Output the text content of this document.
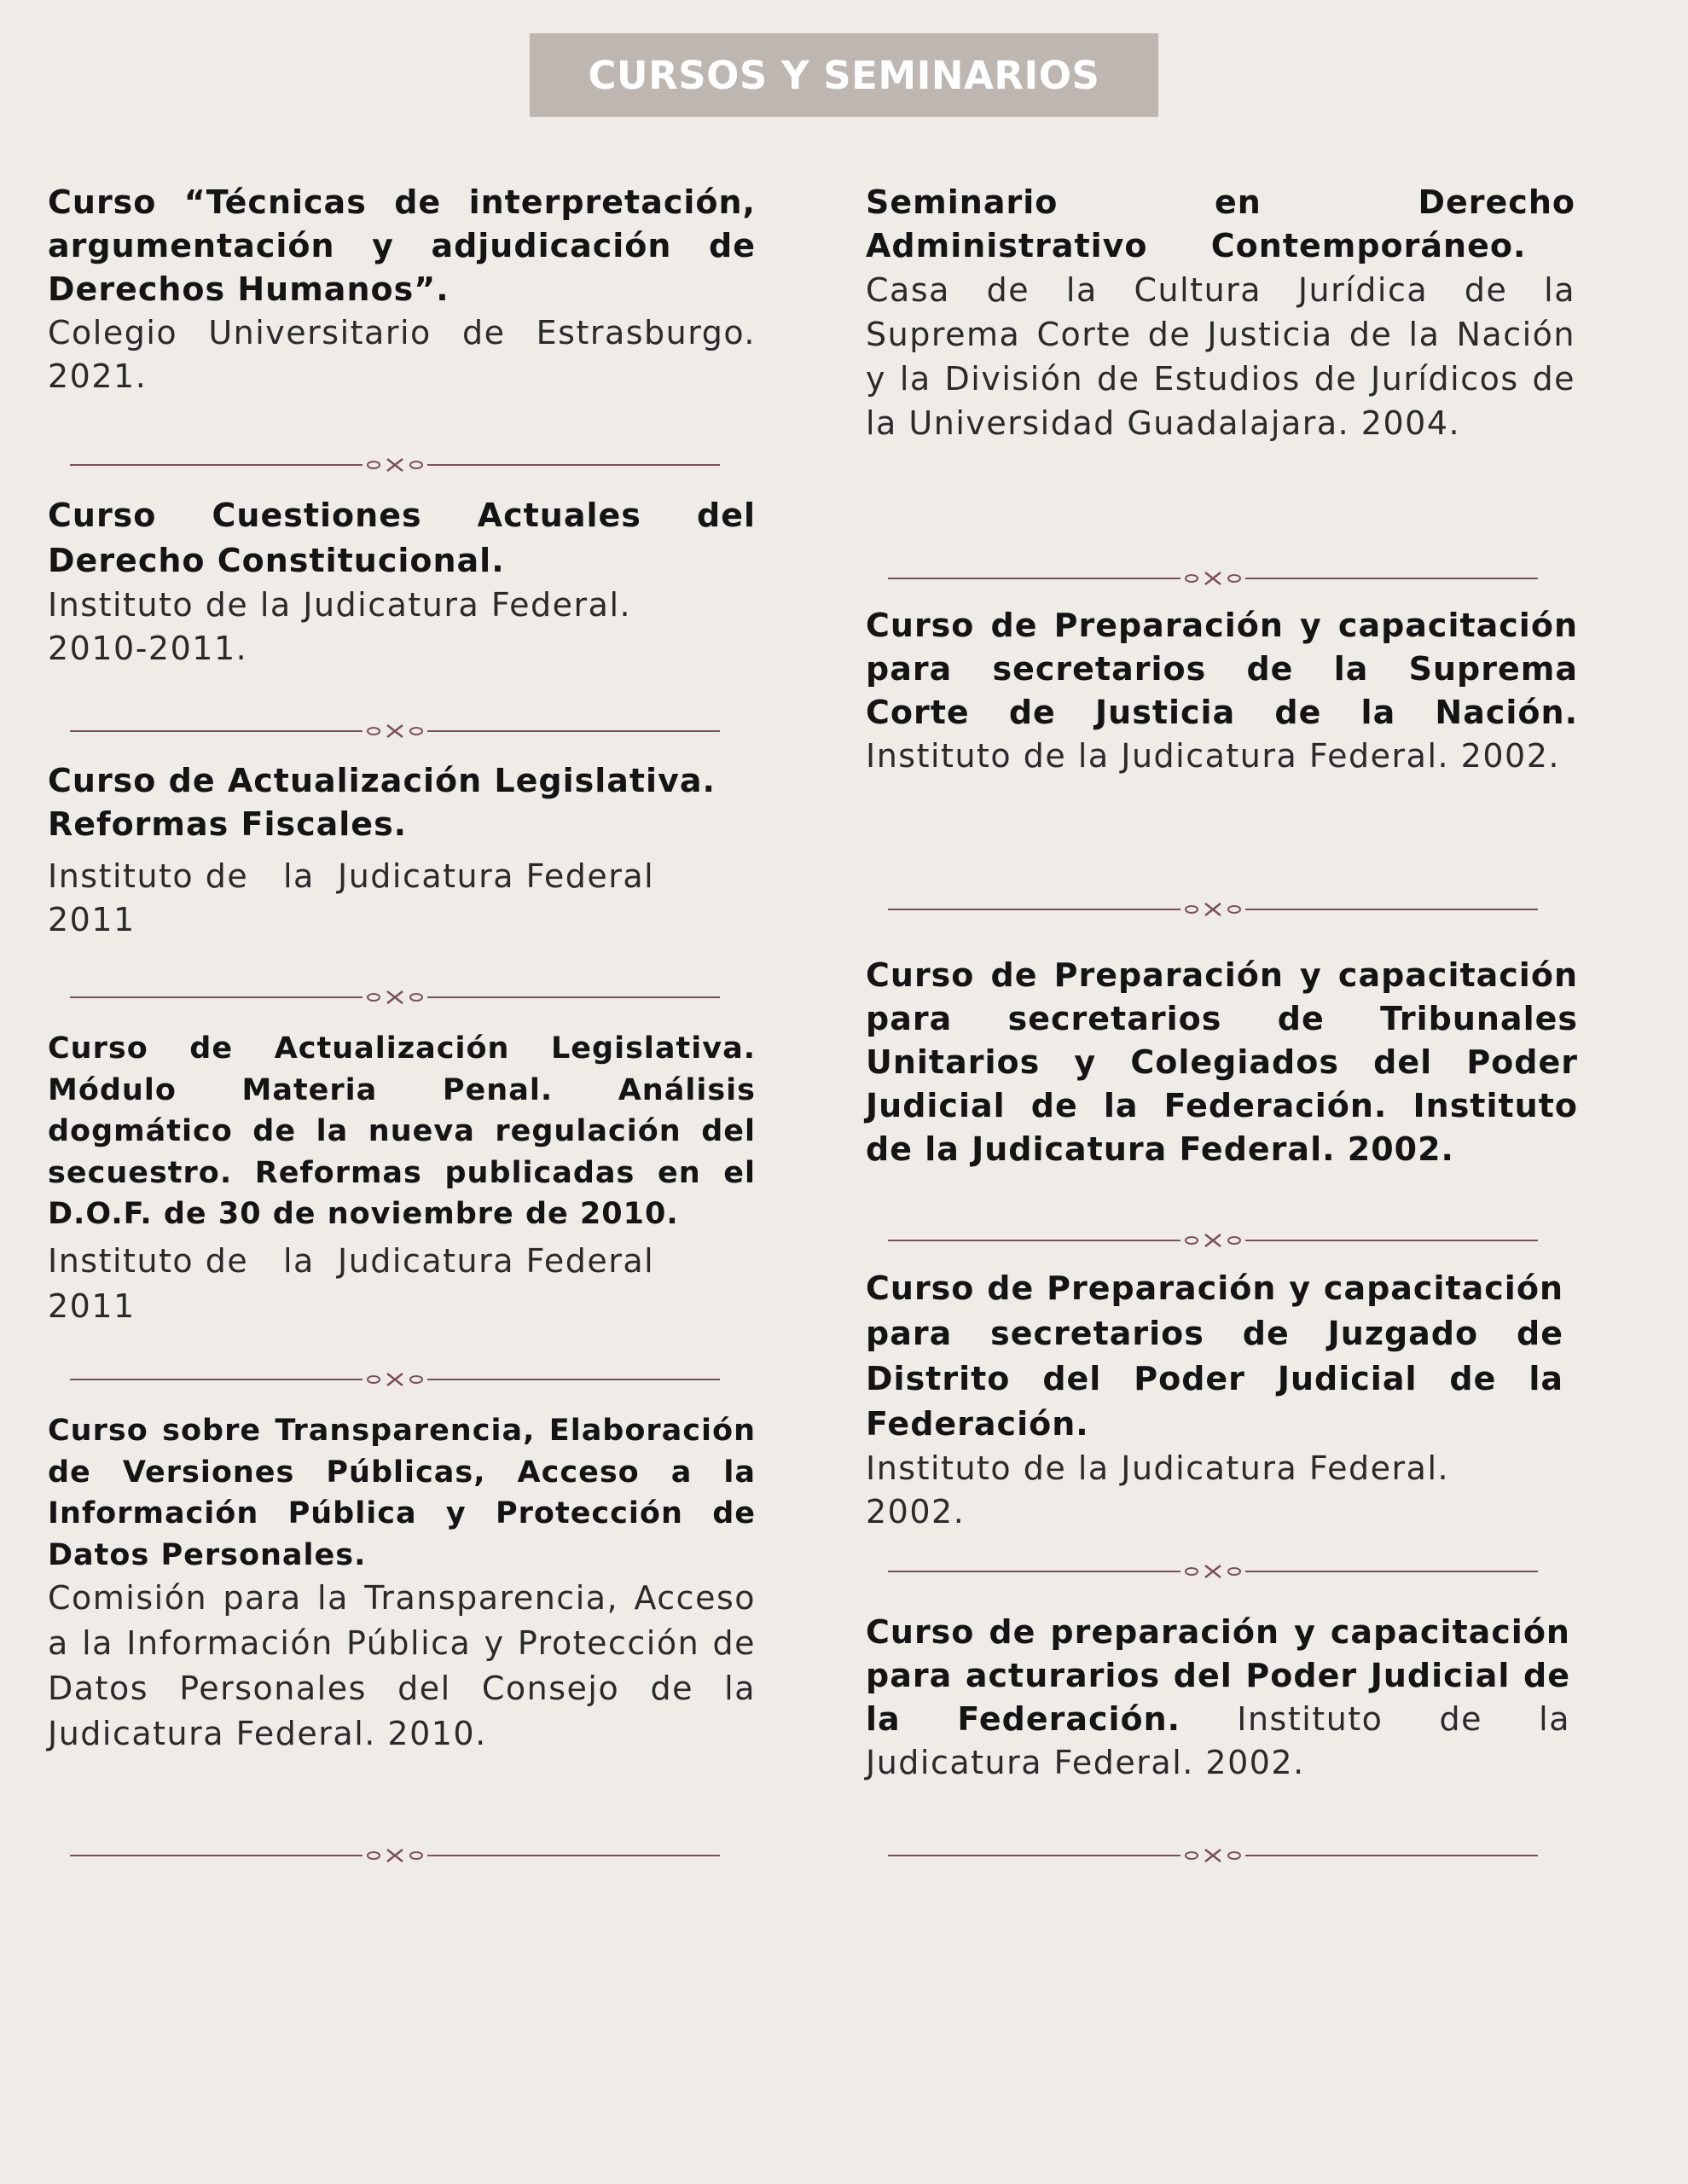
CURSOS Y SEMINARIOS
Curso “Técnicas de interpretación, argumentación y adjudicación de Derechos Humanos”.
Colegio Universitario de Estrasburgo. 2021.
Curso Cuestiones Actuales del Derecho Constitucional.
Instituto de la Judicatura Federal. 2010-2011.
Curso de Actualización Legislativa. Reformas Fiscales.
Instituto de   la  Judicatura Federal 2011
Curso de Actualización Legislativa. Módulo Materia Penal. Análisis dogmático de la nueva regulación del secuestro. Reformas publicadas en el D.O.F. de 30 de noviembre de 2010.
Instituto de   la  Judicatura Federal 2011
Curso sobre Transparencia, Elaboración de Versiones Públicas, Acceso a la Información Pública y Protección de Datos Personales.
Comisión para la Transparencia, Acceso a la Información Pública y Protección de Datos Personales del Consejo de la Judicatura Federal. 2010.
Seminario en Derecho Administrativo Contemporáneo.
Casa de la Cultura Jurídica de la Suprema Corte de Justicia de la Nación y la División de Estudios de Jurídicos de la Universidad Guadalajara. 2004.
Curso de Preparación y capacitación para secretarios de la Suprema Corte de Justicia de la Nación. Instituto de la Judicatura Federal. 2002.
Curso de Preparación y capacitación para secretarios de Tribunales Unitarios y Colegiados del Poder Judicial de la Federación. Instituto de la Judicatura Federal. 2002.
Curso de Preparación y capacitación para secretarios de Juzgado de Distrito del Poder Judicial de la Federación.
Instituto de la Judicatura Federal. 2002.
Curso de preparación y capacitación para acturarios del Poder Judicial de la Federación. Instituto de la Judicatura Federal. 2002.
